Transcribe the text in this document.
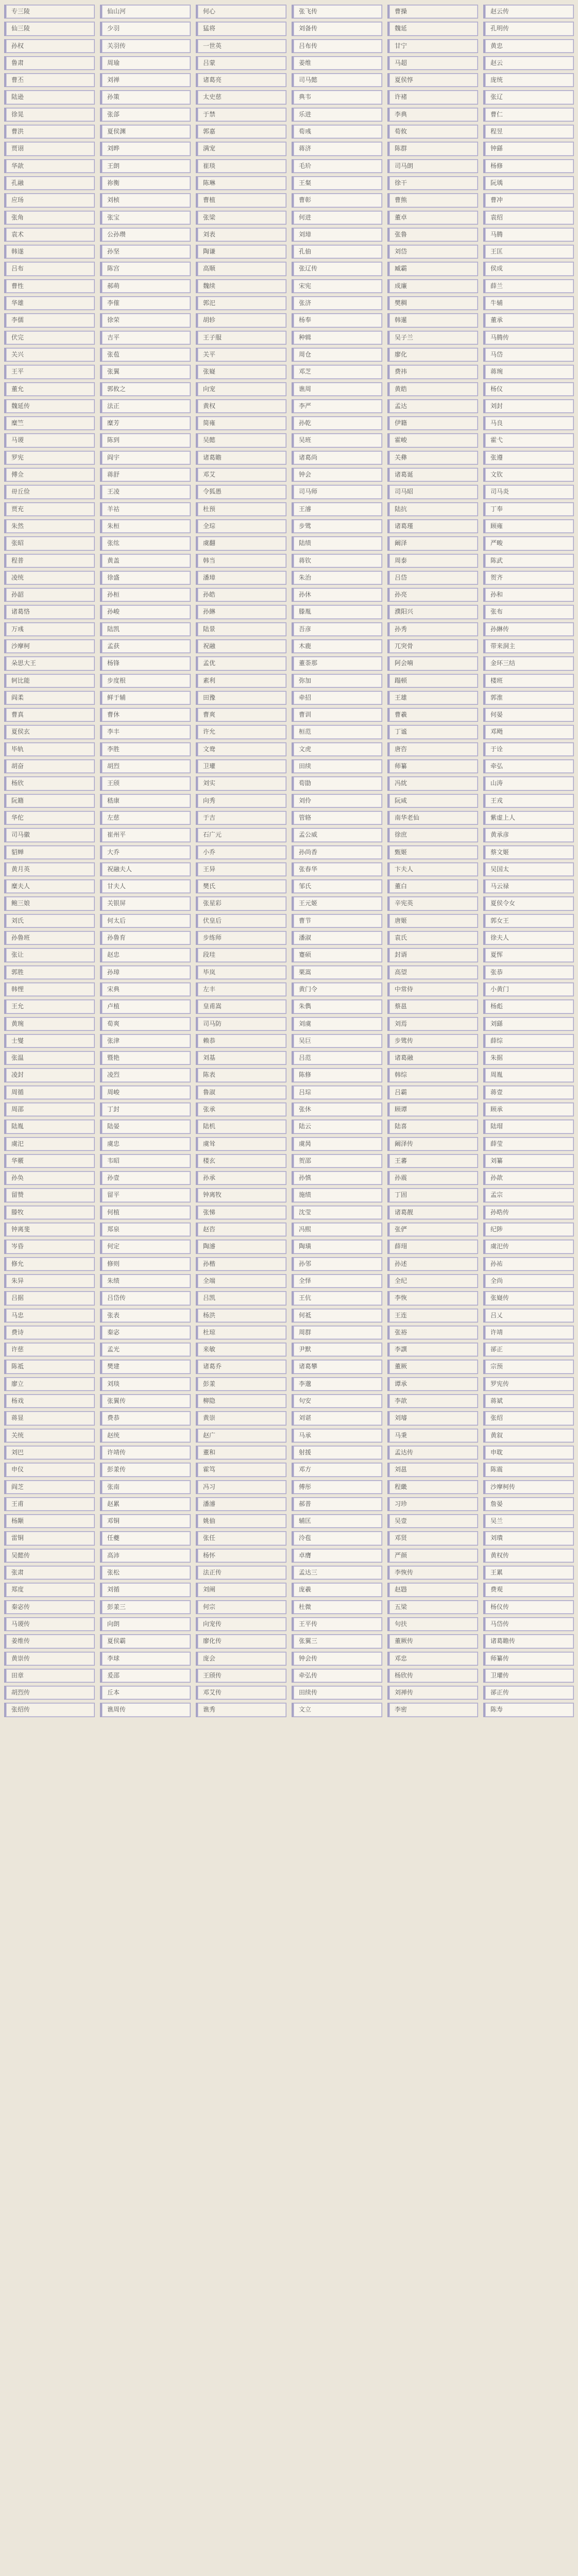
专三陵	仙山河	何心	张飞传	曹操	赵云传
仙三陵	少羽	猛将	刘备传	魏延	孔明传
孙权	关羽传	一世英	吕布传	甘宁	黄忠
鲁肃	周瑜	吕蒙	姜维	马超	赵云
曹丕	刘禅	诸葛亮	司马懿	夏侯惇	庞统
陆逊	孙策	太史慈	典韦	许褚	张辽
徐晃	张郃	于禁	乐进	李典	曹仁
曹洪	夏侯渊	郭嘉	荀彧	荀攸	程昱
贾诩	刘晔	满宠	蒋济	陈群	钟繇
华歆	王朗	崔琰	毛玠	司马朗	杨修
孔融	祢衡	陈琳	王粲	徐干	阮瑀
应玚	刘桢	曹植	曹彰	曹熊	曹冲
张角	张宝	张梁	何进	董卓	袁绍
袁术	公孙瓒	刘表	刘璋	张鲁	马腾
韩遂	孙坚	陶谦	孔伷	刘岱	王匡
吕布	陈宫	高顺	张辽传	臧霸	侯成
曹性	郝萌	魏续	宋宪	成廉	薛兰
华雄	李傕	郭汜	张济	樊稠	牛辅
李儒	徐荣	胡轸	杨奉	韩暹	董承
伏完	吉平	王子服	种辑	吴子兰	马腾传
关兴	张苞	关平	周仓	廖化	马岱
王平	张翼	张嶷	邓芝	费祎	蒋琬
董允	郭攸之	向宠	谯周	黄皓	杨仪
魏延传	法正	黄权	李严	孟达	刘封
糜竺	糜芳	简雍	孙乾	伊籍	马良
马谡	陈到	吴懿	吴班	霍峻	霍弋
罗宪	阎宇	诸葛瞻	诸葛尚	关彝	张遵
傅佥	蒋舒	邓艾	钟会	诸葛诞	文钦
毌丘俭	王凌	令狐愚	司马师	司马昭	司马炎
贾充	羊祜	杜预	王濬	陆抗	丁奉
朱然	朱桓	全琮	步骘	诸葛瑾	顾雍
张昭	张纮	虞翻	陆绩	阚泽	严畯
程普	黄盖	韩当	蒋钦	周泰	陈武
凌统	徐盛	潘璋	朱治	吕岱	贺齐
孙韶	孙桓	孙皓	孙休	孙亮	孙和
诸葛恪	孙峻	孙綝	滕胤	濮阳兴	张布
万彧	陆凯	陆景	吾彦	孙秀	孙綝传
沙摩柯	孟获	祝融	木鹿	兀突骨	带来洞主
朵思大王	杨锋	孟优	董荼那	阿会喃	金环三结
轲比能	步度根	素利	弥加	蹋顿	楼班
阎柔	鲜于辅	田豫	牵招	王雄	郭淮
曹真	曹休	曹爽	曹训	曹羲	何晏
夏侯玄	李丰	许允	桓范	丁谧	邓飏
毕轨	李胜	文鸯	文虎	唐咨	于诠
胡奋	胡烈	卫瓘	田续	师纂	牵弘
杨欣	王颀	刘实	荀勖	冯紞	山涛
阮籍	嵇康	向秀	刘伶	阮咸	王戎
华佗	左慈	于吉	管辂	南华老仙	紫虚上人
司马徽	崔州平	石广元	孟公威	徐庶	黄承彦
貂蝉	大乔	小乔	孙尚香	甄姬	蔡文姬
黄月英	祝融夫人	王异	张春华	卞夫人	吴国太
糜夫人	甘夫人	樊氏	邹氏	董白	马云禄
鲍三娘	关银屏	张星彩	王元姬	辛宪英	夏侯令女
刘氏	何太后	伏皇后	曹节	唐姬	郭女王
孙鲁班	孙鲁育	步练师	潘淑	袁氏	徐夫人
张让	赵忠	段珪	蹇硕	封谞	夏恽
郭胜	孙璋	毕岚	栗嵩	高望	张恭
韩悝	宋典	左丰	黄门令	中常侍	小黄门
王允	卢植	皇甫嵩	朱儁	蔡邕	杨彪
黄琬	荀爽	司马防	刘虞	刘焉	刘繇
士燮	张津	赖恭	吴巨	步骘传	薛综
张温	暨艳	刘基	吕范	诸葛融	朱据
凌封	凌烈	陈表	陈修	韩综	周胤
周循	周峻	鲁淑	吕琮	吕霸	蒋壹
周邵	丁封	张承	张休	顾谭	顾承
陆胤	陆晏	陆机	陆云	陆喜	陆瑁
虞汜	虞忠	虞耸	虞昺	阚泽传	薛莹
华覈	韦昭	楼玄	贺邵	王蕃	刘纂
孙奂	孙壹	孙承	孙慎	孙震	孙歆
留赞	留平	钟离牧	施绩	丁固	孟宗
滕牧	何植	张悌	沈莹	诸葛靓	孙晧传
钟离斐	郑泉	赵咨	冯熙	张俨	纪陟
岑昏	何定	陶濬	陶璜	薛珝	虞汜传
修允	修则	孙楷	孙邻	孙述	孙祐
朱异	朱绩	全端	全怿	全纪	全尚
吕据	吕岱传	吕凯	王伉	李恢	张嶷传
马忠	张表	杨洪	何祗	王连	吕乂
费诗	秦宓	杜琼	周群	张裕	许靖
许慈	孟光	来敏	尹默	李譔	郤正
陈祗	樊建	诸葛乔	诸葛攀	董厥	宗预
廖立	刘琰	彭羕	李邈	谭承	罗宪传
杨戏	张翼传	柳隐	句安	李歆	蒋斌
蒋显	费恭	黄崇	刘谌	刘璿	张绍
关统	赵统	赵广	马承	马秉	黄叙
刘巴	许靖传	董和	射援	孟达传	申耽
申仪	彭羕传	霍笃	邓方	刘邕	陈震
阎芝	张南	冯习	傅彤	程畿	沙摩柯传
王甫	赵累	潘濬	郝普	习珍	詹晏
杨颙	邓铜	姚伷	辅匡	吴壹	吴兰
雷铜	任夔	张任	泠苞	邓贤	刘璝
吴懿传	高沛	杨怀	卓膺	严颜	黄权传
张肃	张松	法正传	孟达三	李恢传	王累
郑度	刘循	刘阐	庞羲	赵韪	费观
秦宓传	彭羕三	何宗	杜微	五梁	杨仪传
马谡传	向朗	向宠传	王平传	句扶	马岱传
姜维传	夏侯霸	廖化传	张翼三	董厥传	诸葛瞻传
黄崇传	李球	庞会	钟会传	邓忠	师纂传
田章	爰邵	王颀传	牵弘传	杨欣传	卫瓘传
胡烈传	丘本	邓艾传	田续传	刘禅传	郤正传
张绍传	谯周传	谯秀	文立	李密	陈寿
